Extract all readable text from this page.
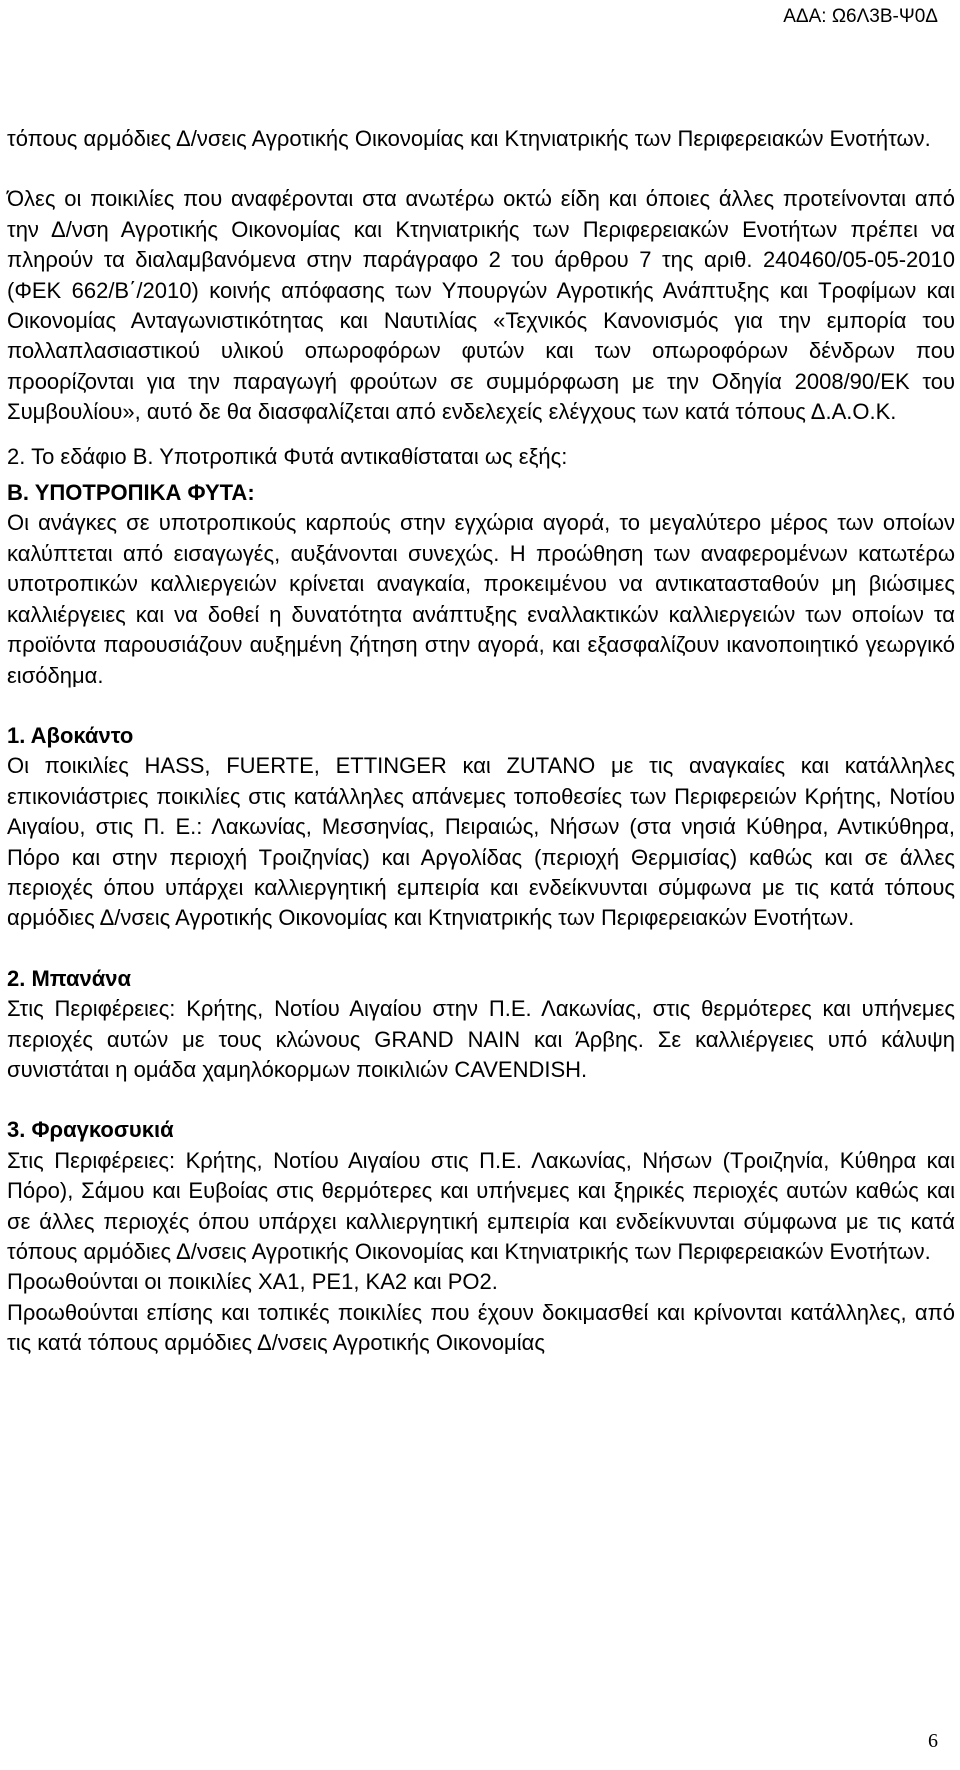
ΑΔΑ: Ω6Λ3Β-Ψ0Δ

τόπους αρμόδιες Δ/νσεις Αγροτικής Οικονομίας και Κτηνιατρικής των Περιφερειακών Ενοτήτων.

Όλες οι ποικιλίες που αναφέρονται στα ανωτέρω οκτώ είδη και όποιες άλλες προτείνονται από την Δ/νση Αγροτικής Οικονομίας και Κτηνιατρικής των Περιφερειακών Ενοτήτων πρέπει να πληρούν τα διαλαμβανόμενα στην παράγραφο 2 του άρθρου 7 της αριθ. 240460/05-05-2010 (ΦΕΚ 662/Β΄/2010) κοινής απόφασης των Υπουργών Αγροτικής Ανάπτυξης και Τροφίμων και Οικονομίας Ανταγωνιστικότητας και Ναυτιλίας «Τεχνικός Κανονισμός για την εμπορία του πολλαπλασιαστικού υλικού οπωροφόρων φυτών και των οπωροφόρων δένδρων που προορίζονται για την παραγωγή φρούτων σε συμμόρφωση με την Οδηγία 2008/90/ΕΚ του Συμβουλίου», αυτό δε θα διασφαλίζεται από ενδελεχείς ελέγχους των κατά τόπους Δ.Α.Ο.Κ.

2. Το εδάφιο Β. Υποτροπικά Φυτά αντικαθίσταται ως εξής:

Β. ΥΠΟΤΡΟΠΙΚΑ ΦΥΤΑ:

Οι ανάγκες σε υποτροπικούς καρπούς στην εγχώρια αγορά, το μεγαλύτερο μέρος των οποίων καλύπτεται από εισαγωγές, αυξάνονται συνεχώς. Η προώθηση των αναφερομένων κατωτέρω υποτροπικών καλλιεργειών κρίνεται αναγκαία, προκειμένου να αντικατασταθούν μη βιώσιμες καλλιέργειες και να δοθεί η δυνατότητα ανάπτυξης εναλλακτικών καλλιεργειών των οποίων τα προϊόντα παρουσιάζουν αυξημένη ζήτηση στην αγορά, και εξασφαλίζουν ικανοποιητικό γεωργικό εισόδημα.

1. Αβοκάντο

Οι ποικιλίες HASS, FUERTE, ETTINGER και ZUTANO με τις αναγκαίες και κατάλληλες επικονιάστριες ποικιλίες στις κατάλληλες απάνεμες τοποθεσίες των Περιφερειών Κρήτης, Νοτίου Αιγαίου, στις Π. Ε.: Λακωνίας, Μεσσηνίας, Πειραιώς, Νήσων (στα νησιά Κύθηρα, Αντικύθηρα, Πόρο και στην περιοχή Τροιζηνίας) και Αργολίδας (περιοχή Θερμισίας) καθώς και σε άλλες περιοχές όπου υπάρχει καλλιεργητική εμπειρία και ενδείκνυνται σύμφωνα με τις κατά τόπους αρμόδιες Δ/νσεις Αγροτικής Οικονομίας και Κτηνιατρικής των Περιφερειακών Ενοτήτων.

2. Μπανάνα

Στις Περιφέρειες: Κρήτης, Νοτίου Αιγαίου στην Π.Ε. Λακωνίας, στις θερμότερες και υπήνεμες περιοχές αυτών με τους κλώνους GRAND NAIN και Άρβης. Σε καλλιέργειες υπό κάλυψη συνιστάται η ομάδα χαμηλόκορμων ποικιλιών CAVENDISH.

3. Φραγκοσυκιά

Στις Περιφέρειες: Κρήτης, Νοτίου Αιγαίου στις Π.Ε. Λακωνίας, Νήσων (Τροιζηνία, Κύθηρα και Πόρο), Σάμου και Ευβοίας στις θερμότερες και υπήνεμες και ξηρικές περιοχές αυτών καθώς και σε άλλες περιοχές όπου υπάρχει καλλιεργητική εμπειρία και ενδείκνυνται σύμφωνα με τις κατά τόπους αρμόδιες Δ/νσεις Αγροτικής Οικονομίας και Κτηνιατρικής των Περιφερειακών Ενοτήτων.

Προωθούνται οι ποικιλίες ΧΑ1, ΡΕ1, ΚΑ2 και ΡΟ2.

Προωθούνται επίσης και τοπικές ποικιλίες που έχουν δοκιμασθεί και κρίνονται κατάλληλες, από τις κατά τόπους αρμόδιες Δ/νσεις Αγροτικής Οικονομίας

6
